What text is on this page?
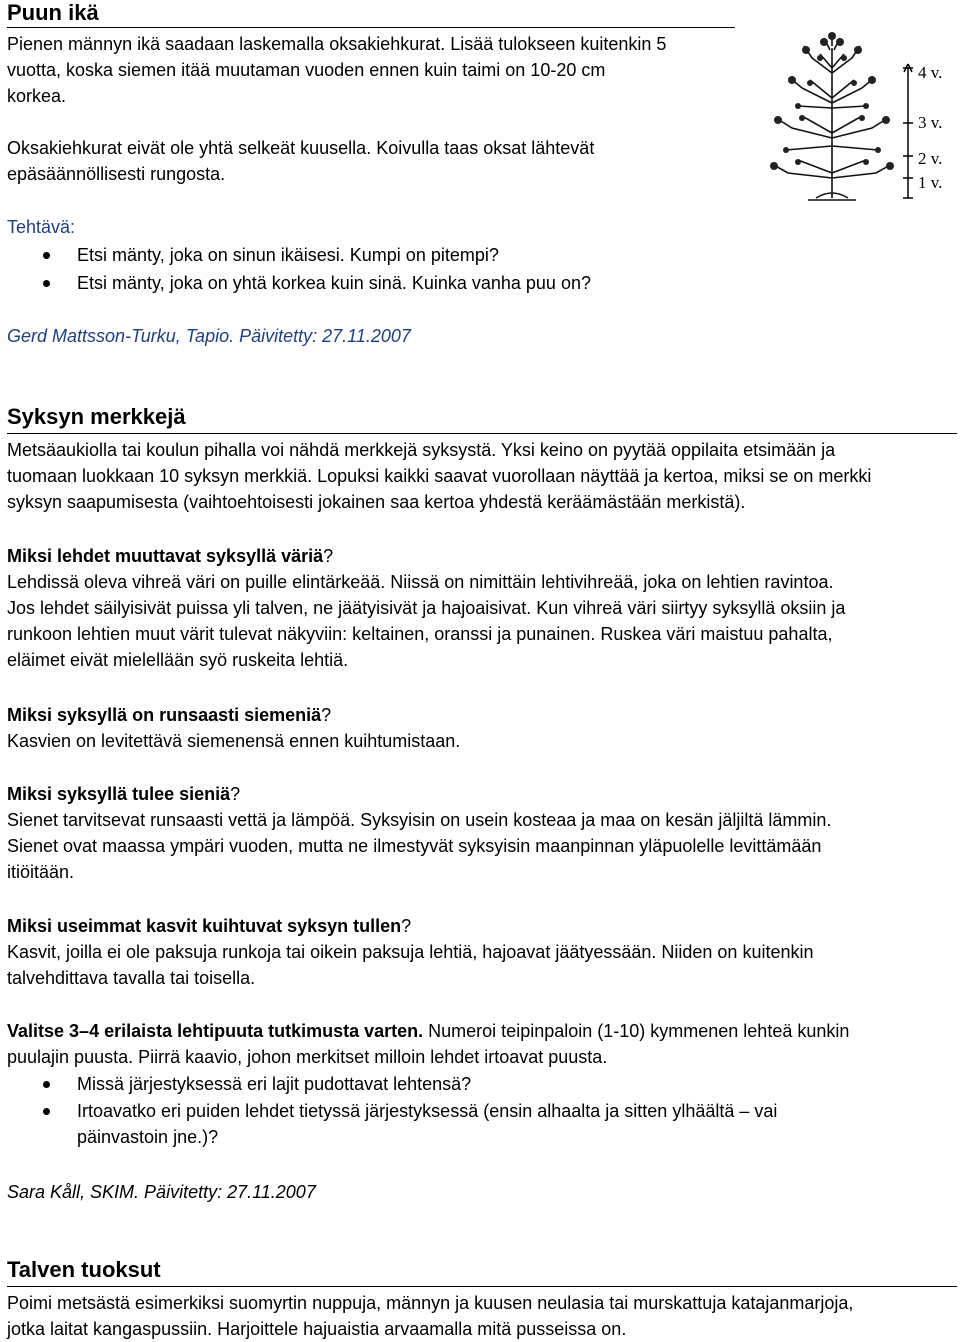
Puun ikä
Pienen männyn ikä saadaan laskemalla oksakiehkurat. Lisää tulokseen kuitenkin 5
vuotta, koska siemen itää muutaman vuoden ennen kuin taimi on 10-20 cm
korkea.
Oksakiehkurat eivät ole yhtä selkeät kuusella. Koivulla taas oksat lähtevät
epäsäännöllisesti rungosta.
Tehtävä:
Etsi mänty, joka on sinun ikäisesi. Kumpi on pitempi?
Etsi mänty, joka on yhtä korkea kuin sinä. Kuinka vanha puu on?
Gerd Mattsson-Turku, Tapio. Päivitetty: 27.11.2007
4 v.
3 v.
2 v.
1 v.
Syksyn merkkejä
Metsäaukiolla tai koulun pihalla voi nähdä merkkejä syksystä. Yksi keino on pyytää oppilaita etsimään ja
tuomaan luokkaan 10 syksyn merkkiä. Lopuksi kaikki saavat vuorollaan näyttää ja kertoa, miksi se on merkki
syksyn saapumisesta (vaihtoehtoisesti jokainen saa kertoa yhdestä keräämästään merkistä).
Miksi lehdet muuttavat syksyllä väriä?
Lehdissä oleva vihreä väri on puille elintärkeää. Niissä on nimittäin lehtivihreää, joka on lehtien ravintoa.
Jos lehdet säilyisivät puissa yli talven, ne jäätyisivät ja hajoaisivat. Kun vihreä väri siirtyy syksyllä oksiin ja
runkoon lehtien muut värit tulevat näkyviin: keltainen, oranssi ja punainen. Ruskea väri maistuu pahalta,
eläimet eivät mielellään syö ruskeita lehtiä.
Miksi syksyllä on runsaasti siemeniä?
Kasvien on levitettävä siemenensä ennen kuihtumistaan.
Miksi syksyllä tulee sieniä?
Sienet tarvitsevat runsaasti vettä ja lämpöä. Syksyisin on usein kosteaa ja maa on kesän jäljiltä lämmin.
Sienet ovat maassa ympäri vuoden, mutta ne ilmestyvät syksyisin maanpinnan yläpuolelle levittämään
itiöitään.
Miksi useimmat kasvit kuihtuvat syksyn tullen?
Kasvit, joilla ei ole paksuja runkoja tai oikein paksuja lehtiä, hajoavat jäätyessään. Niiden on kuitenkin
talvehdittava tavalla tai toisella.
Valitse 3–4 erilaista lehtipuuta tutkimusta varten. Numeroi teipinpaloin (1‐10) kymmenen lehteä kunkin
puulajin puusta. Piirrä kaavio, johon merkitset milloin lehdet irtoavat puusta.
Missä järjestyksessä eri lajit pudottavat lehtensä?
Irtoavatko eri puiden lehdet tietyssä järjestyksessä (ensin alhaalta ja sitten ylhäältä – vai
päinvastoin jne.)?
Sara Kåll, SKIM. Päivitetty: 27.11.2007
Talven tuoksut
Poimi metsästä esimerkiksi suomyrtin nuppuja, männyn ja kuusen neulasia tai murskattuja katajanmarjoja,
jotka laitat kangaspussiin. Harjoittele hajuaistia arvaamalla mitä pusseissa on.
